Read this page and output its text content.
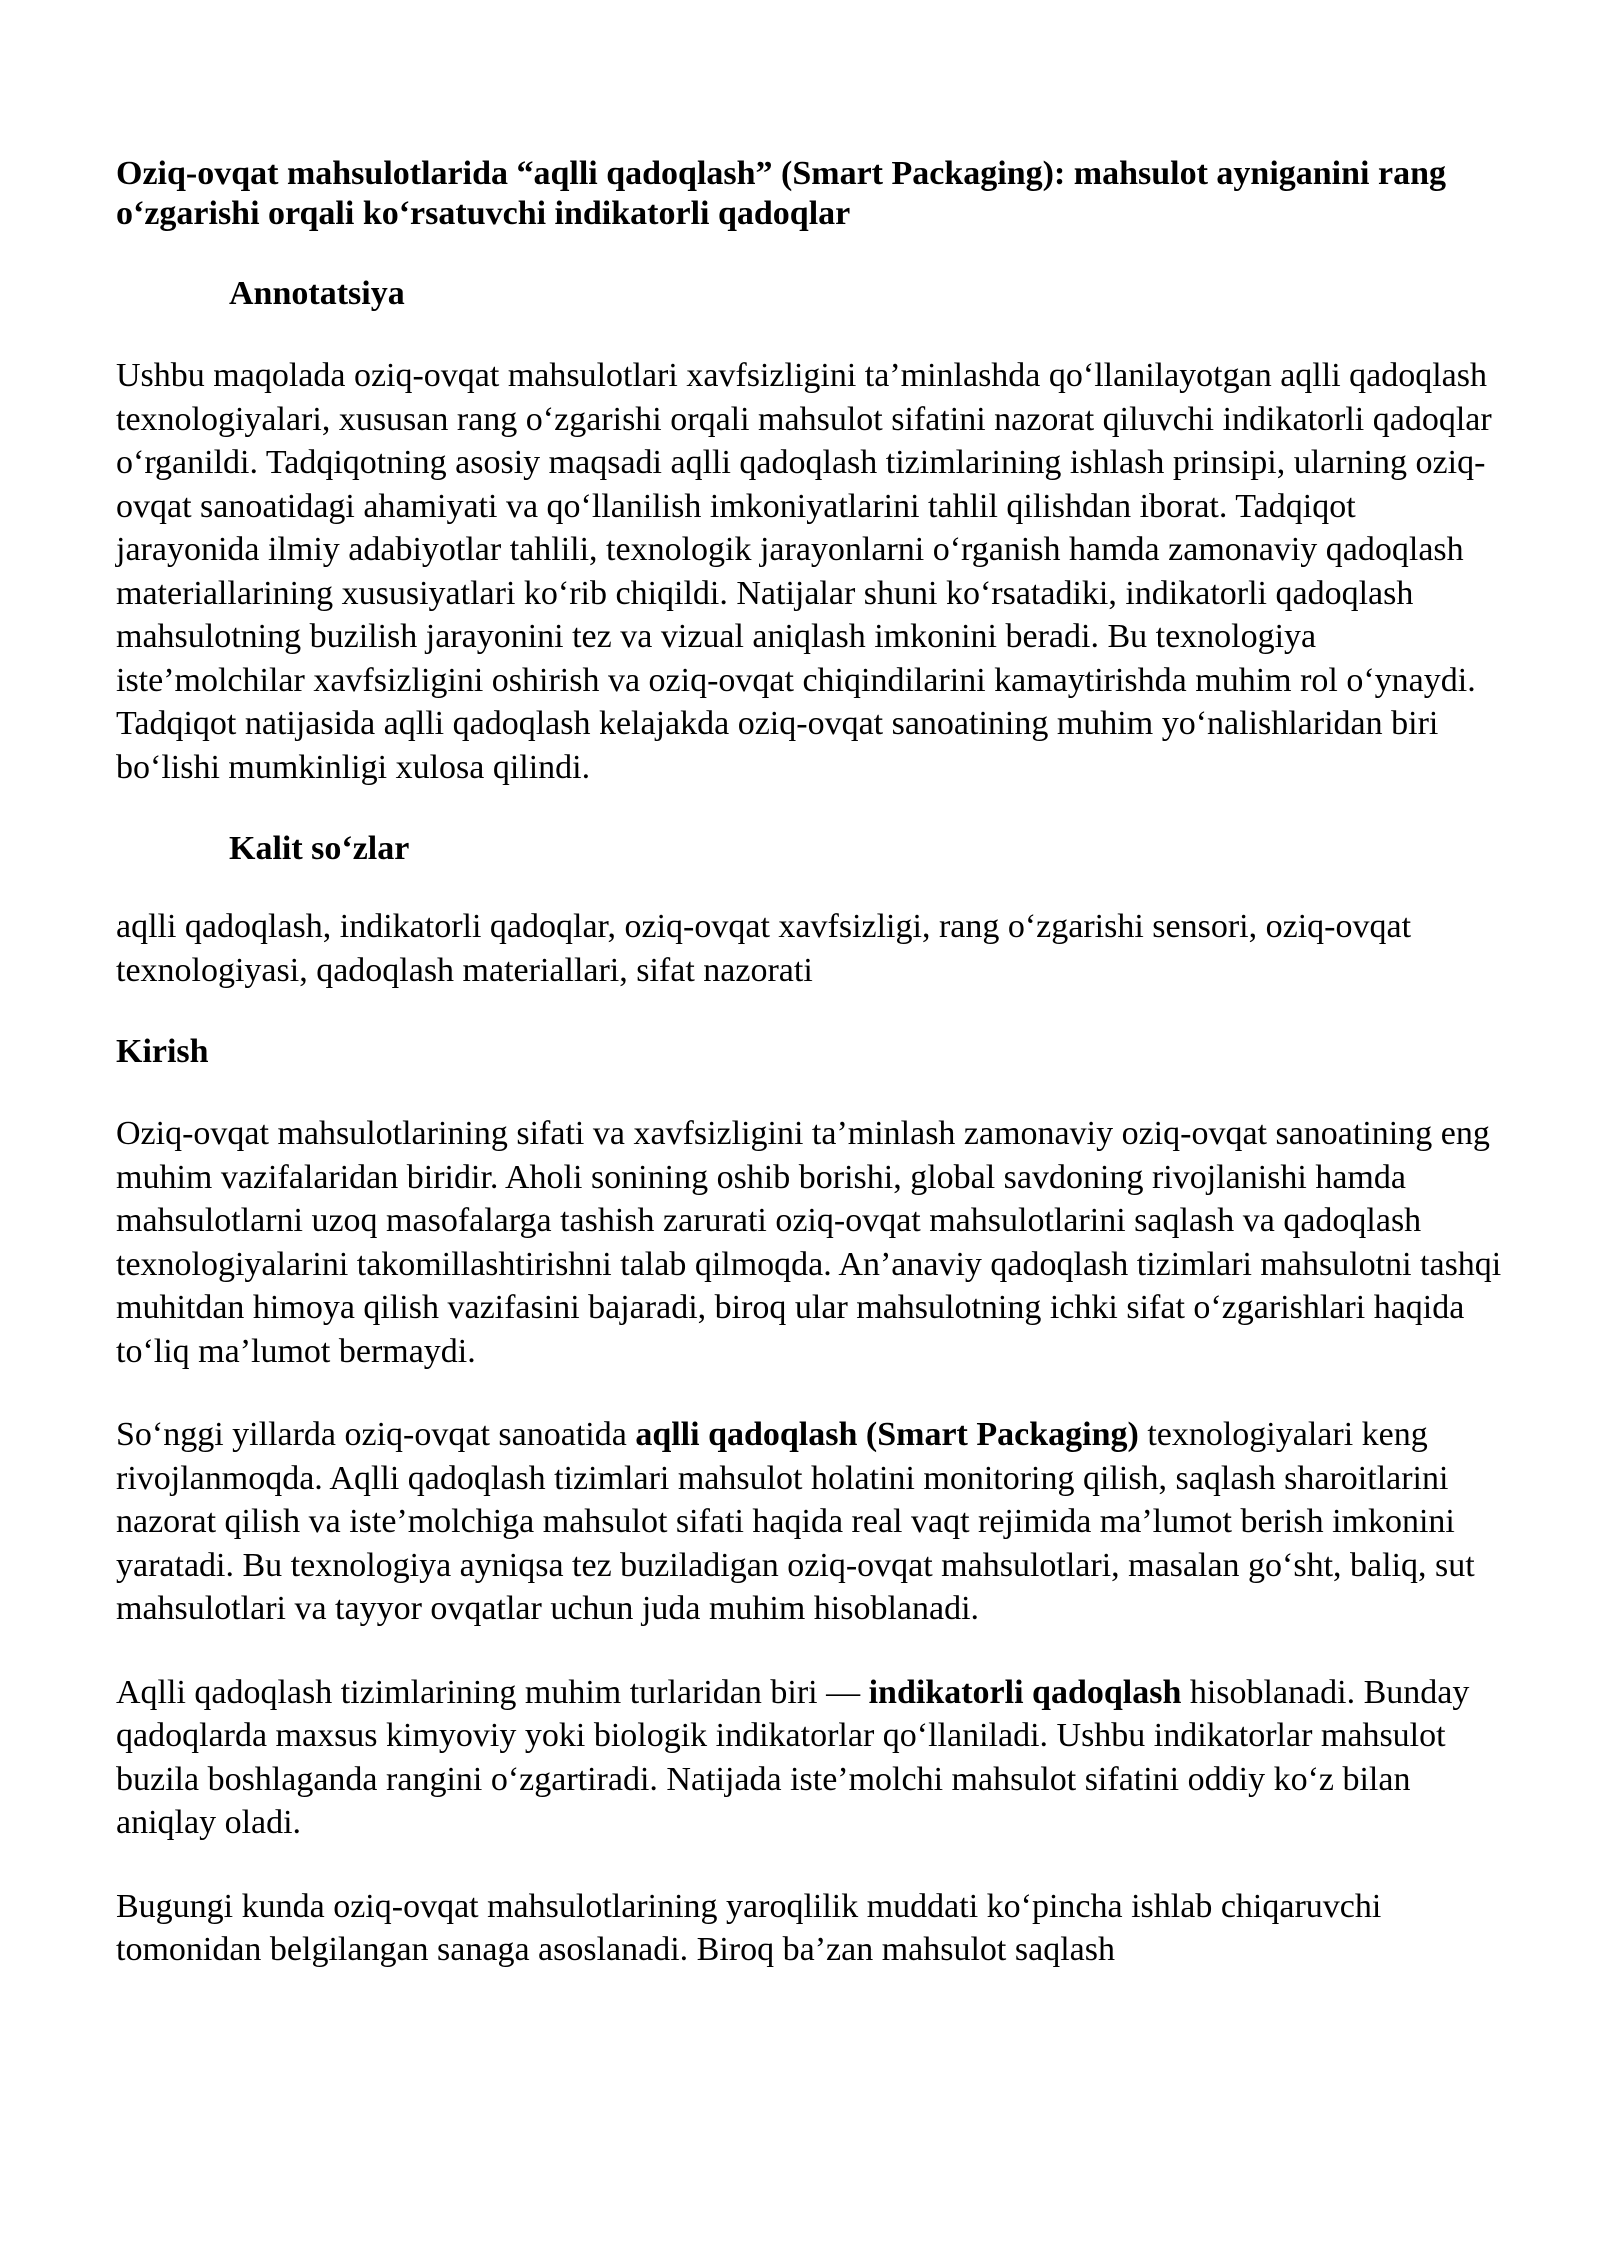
Oziq-ovqat mahsulotlarida “aqlli qadoqlash” (Smart Packaging): mahsulot ayniganini rang o‘zgarishi orqali ko‘rsatuvchi indikatorli qadoqlar
Annotatsiya

Ushbu maqolada oziq-ovqat mahsulotlari xavfsizligini ta’minlashda qo‘llanilayotgan aqlli qadoqlash texnologiyalari, xususan rang o‘zgarishi orqali mahsulot sifatini nazorat qiluvchi indikatorli qadoqlar o‘rganildi. Tadqiqotning asosiy maqsadi aqlli qadoqlash tizimlarining ishlash prinsipi, ularning oziq-ovqat sanoatidagi ahamiyati va qo‘llanilish imkoniyatlarini tahlil qilishdan iborat. Tadqiqot jarayonida ilmiy adabiyotlar tahlili, texnologik jarayonlarni o‘rganish hamda zamonaviy qadoqlash materiallarining xususiyatlari ko‘rib chiqildi. Natijalar shuni ko‘rsatadiki, indikatorli qadoqlash mahsulotning buzilish jarayonini tez va vizual aniqlash imkonini beradi. Bu texnologiya iste’molchilar xavfsizligini oshirish va oziq-ovqat chiqindilarini kamaytirishda muhim rol o‘ynaydi. Tadqiqot natijasida aqlli qadoqlash kelajakda oziq-ovqat sanoatining muhim yo‘nalishlaridan biri bo‘lishi mumkinligi xulosa qilindi.

Kalit so‘zlar

aqlli qadoqlash, indikatorli qadoqlar, oziq-ovqat xavfsizligi, rang o‘zgarishi sensori, oziq-ovqat texnologiyasi, qadoqlash materiallari, sifat nazorati

Kirish

Oziq-ovqat mahsulotlarining sifati va xavfsizligini ta’minlash zamonaviy oziq-ovqat sanoatining eng muhim vazifalaridan biridir. Aholi sonining oshib borishi, global savdoning rivojlanishi hamda mahsulotlarni uzoq masofalarga tashish zarurati oziq-ovqat mahsulotlarini saqlash va qadoqlash texnologiyalarini takomillashtirishni talab qilmoqda. An’anaviy qadoqlash tizimlari mahsulotni tashqi muhitdan himoya qilish vazifasini bajaradi, biroq ular mahsulotning ichki sifat o‘zgarishlari haqida to‘liq ma’lumot bermaydi.

So‘nggi yillarda oziq-ovqat sanoatida aqlli qadoqlash (Smart Packaging) texnologiyalari keng rivojlanmoqda. Aqlli qadoqlash tizimlari mahsulot holatini monitoring qilish, saqlash sharoitlarini nazorat qilish va iste’molchiga mahsulot sifati haqida real vaqt rejimida ma’lumot berish imkonini yaratadi. Bu texnologiya ayniqsa tez buziladigan oziq-ovqat mahsulotlari, masalan go‘sht, baliq, sut mahsulotlari va tayyor ovqatlar uchun juda muhim hisoblanadi.

Aqlli qadoqlash tizimlarining muhim turlaridan biri — indikatorli qadoqlash hisoblanadi. Bunday qadoqlarda maxsus kimyoviy yoki biologik indikatorlar qo‘llaniladi. Ushbu indikatorlar mahsulot buzila boshlaganda rangini o‘zgartiradi. Natijada iste’molchi mahsulot sifatini oddiy ko‘z bilan aniqlay oladi.

Bugungi kunda oziq-ovqat mahsulotlarining yaroqlilik muddati ko‘pincha ishlab chiqaruvchi tomonidan belgilangan sanaga asoslanadi. Biroq ba’zan mahsulot saqlash
